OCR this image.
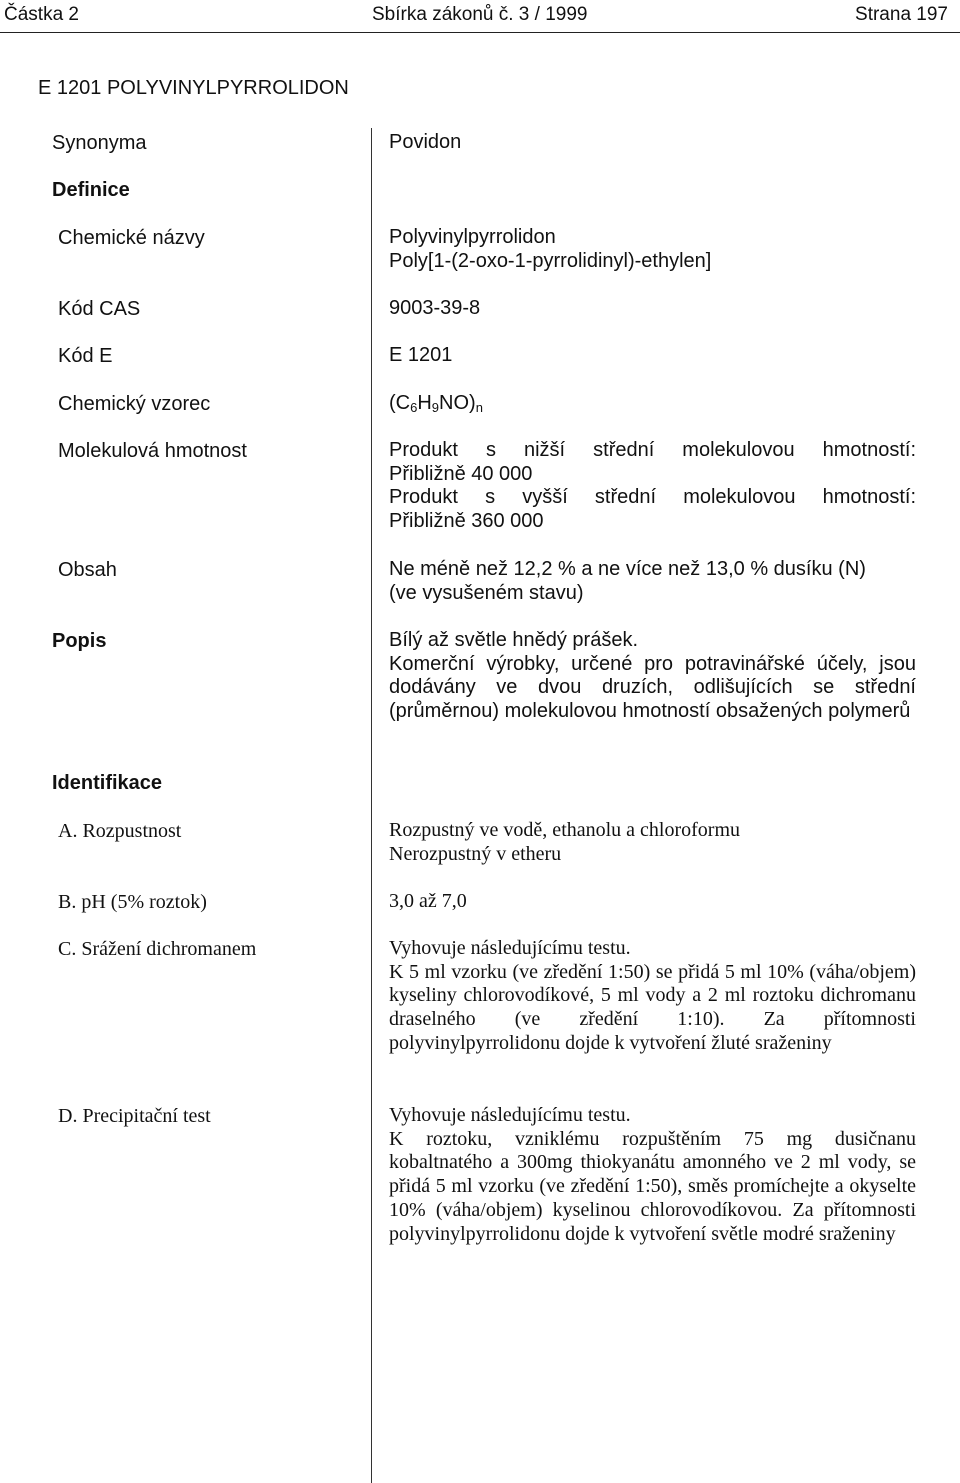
Částka 2	Sbírka zákonů č. 3 / 1999	Strana 197
E 1201 POLYVINYLPYRROLIDON
Synonyma	Povidon
Definice
Chemické názvy	Polyvinylpyrrolidon
Poly[1-(2-oxo-1-pyrrolidinyl)-ethylen]
Kód CAS	9003-39-8
Kód E	E 1201
Chemický vzorec	$(C_6H_9NO)_n$
Molekulová hmotnost	Produkt s nižší střední molekulovou hmotností:
Přibližně 40 000
Produkt s vyšší střední molekulovou hmotností:
Přibližně 360 000
Obsah	Ne méně než 12,2 % a ne více než 13,0 % dusíku (N)
(ve vysušeném stavu)
Popis	Bílý až světle hnědý prášek.
Komerční výrobky, určené pro potravinářské účely, jsou dodávány ve dvou druzích, odlišujících se střední (průměrnou) molekulovou hmotností obsažených polymerů
Identifikace
A. Rozpustnost	Rozpustný ve vodě, ethanolu a chloroformu
Nerozpustný v etheru
B. pH (5% roztok)	3,0 až 7,0
C. Srážení dichromanem	Vyhovuje následujícímu testu.
K 5 ml vzorku (ve zředění 1:50) se přidá 5 ml 10% (váha/objem) kyseliny chlorovodíkové, 5 ml vody a 2 ml roztoku dichromanu draselného (ve zředění 1:10). Za přítomnosti polyvinylpyrrolidonu dojde k vytvoření žluté sraženiny
D. Precipitační test	Vyhovuje následujícímu testu.
K roztoku, vzniklému rozpuštěním 75 mg dusičnanu kobaltnatého a 300mg thiokyanátu amonného ve 2 ml vody, se přidá 5 ml vzorku (ve zředění 1:50), směs promíchejte a okyselte 10% (váha/objem) kyselinou chlorovodíkovou. Za přítomnosti polyvinylpyrrolidonu dojde k vytvoření světle modré sraženiny
